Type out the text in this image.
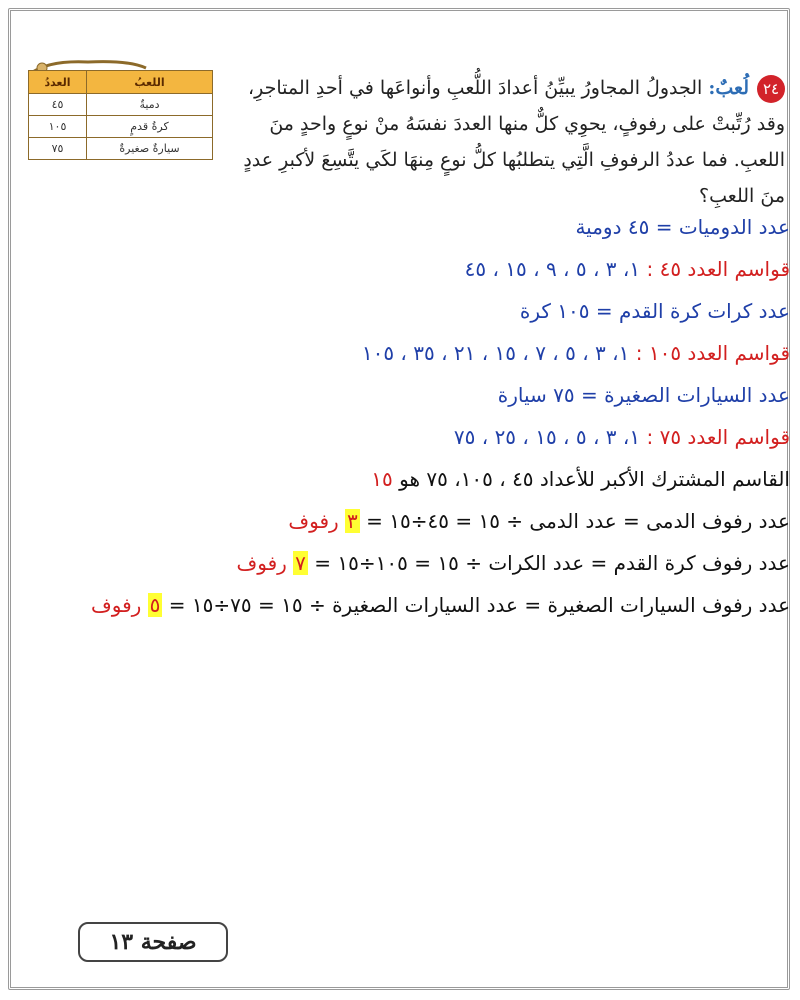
٢٤لُعبٌ: الجدولُ المجاورُ يبيِّنُ أعدادَ اللُّعبِ وأنواعَها في أحدِ المتاجرِ، وقد رُتِّبتْ على رفوفٍ، يحوِي كلٌّ منها العددَ نفسَهُ منْ نوعٍ واحدٍ منَ اللعبِ. فما عددُ الرفوفِ الَّتِي يتطلبُها كلُّ نوعٍ مِنهَا لكَي يتَّسِعَ لأكبرِ عددٍ منَ اللعبِ؟
اللعبُ	العددُ
دميةٌ	٤٥
كرةُ قدمٍ	١٠٥
سيارةٌ صغيرةٌ	٧٥
عدد الدوميات = ٤٥ دومية
قواسم العدد ٤٥ : ١، ٣ ، ٥ ، ٩ ، ١٥ ، ٤٥
عدد كرات كرة القدم = ١٠٥ كرة
قواسم العدد ١٠٥ : ١، ٣ ، ٥ ، ٧ ، ١٥ ، ٢١ ، ٣٥ ، ١٠٥
عدد السيارات الصغيرة = ٧٥ سيارة
قواسم العدد ٧٥ : ١، ٣ ، ٥ ، ١٥ ، ٢٥ ، ٧٥
القاسم المشترك الأكبر للأعداد ٤٥ ، ١٠٥، ٧٥ هو ١٥
عدد رفوف الدمى = عدد الدمى ÷ ١٥ = ٤٥÷١٥ = ٣ رفوف
عدد رفوف كرة القدم = عدد الكرات ÷ ١٥ = ١٠٥÷١٥ = ٧ رفوف
عدد رفوف السيارات الصغيرة = عدد السيارات الصغيرة ÷ ١٥ = ٧٥÷١٥ = ٥ رفوف
صفحة ١٣
